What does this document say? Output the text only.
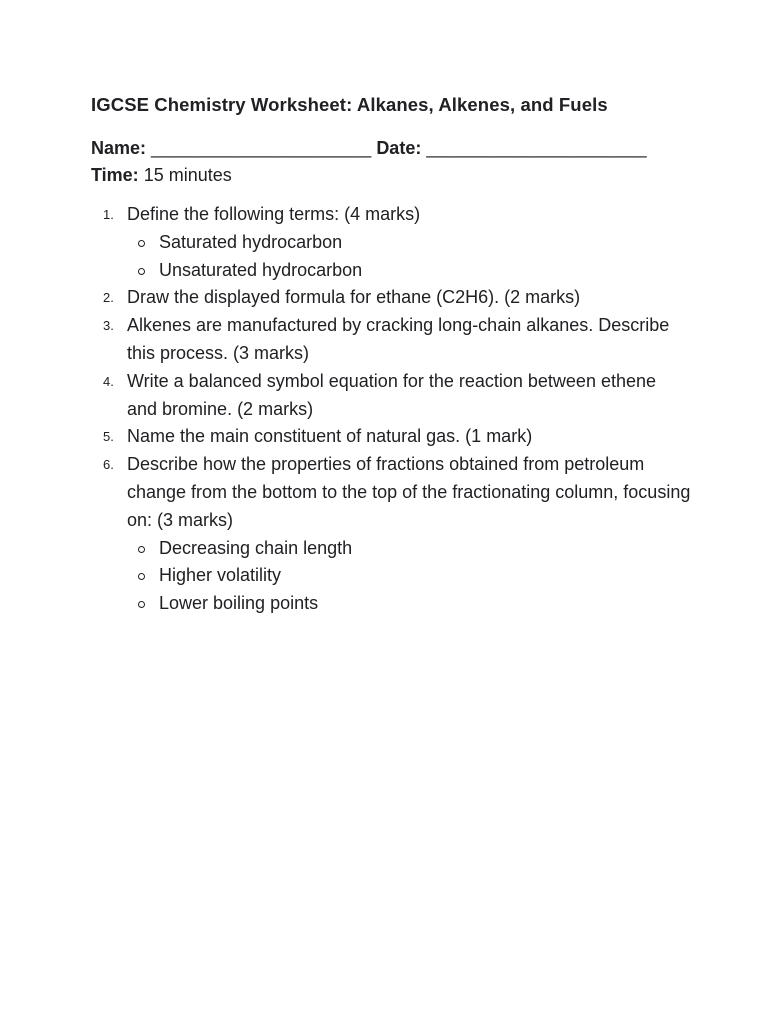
IGCSE Chemistry Worksheet: Alkanes, Alkenes, and Fuels
Name: ______________________ Date: ______________________
Time: 15 minutes
1. Define the following terms: (4 marks)
Saturated hydrocarbon
Unsaturated hydrocarbon
2. Draw the displayed formula for ethane (C2H6). (2 marks)
3. Alkenes are manufactured by cracking long-chain alkanes. Describe this process. (3 marks)
4. Write a balanced symbol equation for the reaction between ethene and bromine. (2 marks)
5. Name the main constituent of natural gas. (1 mark)
6. Describe how the properties of fractions obtained from petroleum change from the bottom to the top of the fractionating column, focusing on: (3 marks)
Decreasing chain length
Higher volatility
Lower boiling points
